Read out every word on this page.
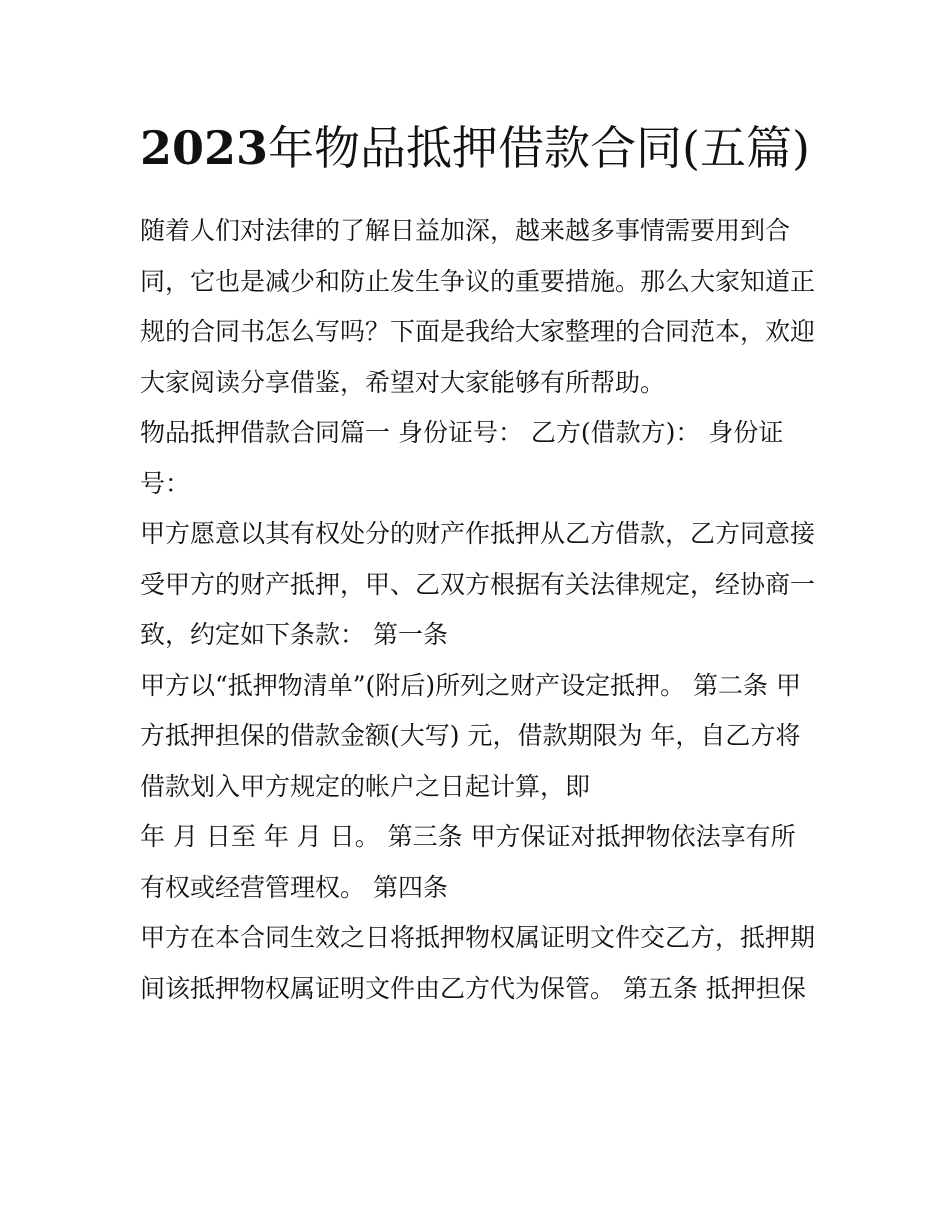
2023年物品抵押借款合同(五篇)

随着人们对法律的了解日益加深，越来越多事情需要用到合同，它也是减少和防止发生争议的重要措施。那么大家知道正规的合同书怎么写吗？下面是我给大家整理的合同范本，欢迎大家阅读分享借鉴，希望对大家能够有所帮助。

物品抵押借款合同篇一 身份证号： 乙方(借款方)： 身份证号：

甲方愿意以其有权处分的财产作抵押从乙方借款，乙方同意接受甲方的财产抵押，甲、乙双方根据有关法律规定，经协商一致，约定如下条款： 第一条

甲方以“抵押物清单”(附后)所列之财产设定抵押。 第二条 甲方抵押担保的借款金额(大写) 元，借款期限为 年，自乙方将借款划入甲方规定的帐户之日起计算，即

年 月 日至 年 月 日。 第三条 甲方保证对抵押物依法享有所有权或经营管理权。 第四条

甲方在本合同生效之日将抵押物权属证明文件交乙方，抵押期间该抵押物权属证明文件由乙方代为保管。 第五条 抵押担保
